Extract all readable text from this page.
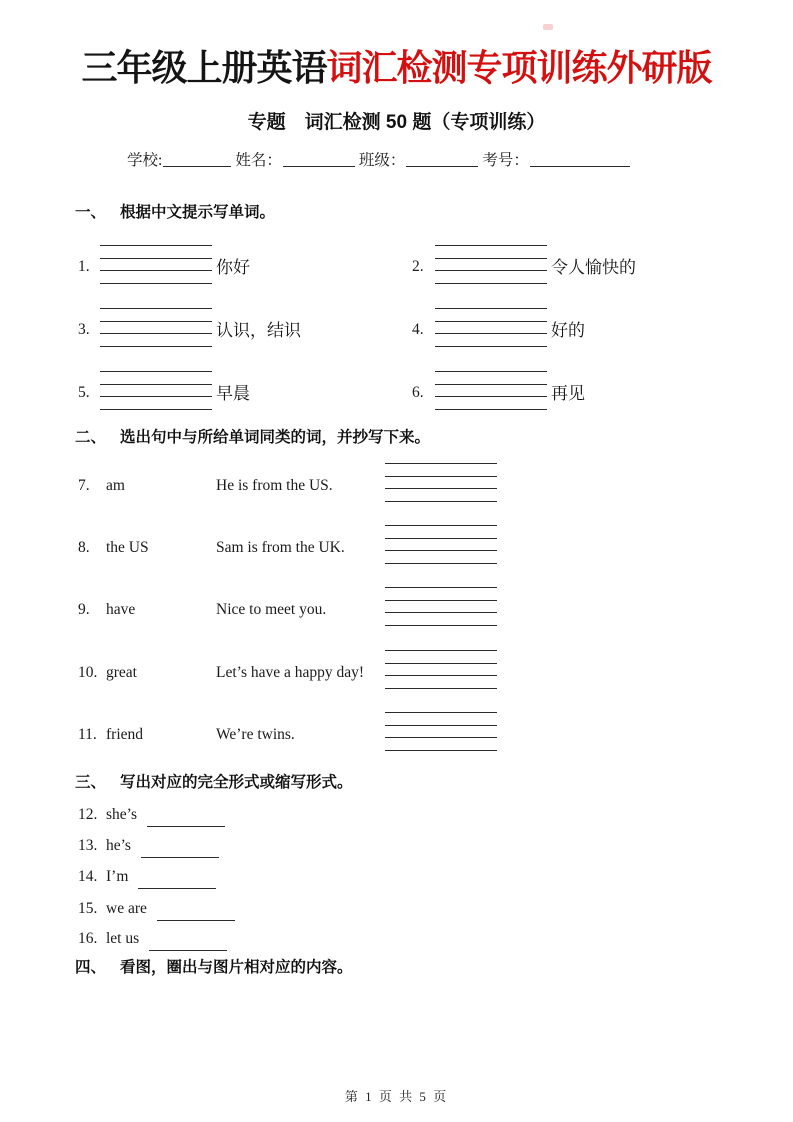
三年级上册英语词汇检测专项训练外研版
专题　词汇检测 50 题（专项训练）
学校:	姓名：	班级：	考号：
一、 根据中文提示写单词。
1.	你好	2.	令人愉快的
3.	认识，结识	4.	好的
5.	早晨	6.	再见
二、 选出句中与所给单词同类的词，并抄写下来。
7.	am	He is from the US.
8.	the US	Sam is from the UK.
9.	have	Nice to meet you.
10. great	Let’s have a happy day!
11. friend	We’re twins.
三、 写出对应的完全形式或缩写形式。
12. she’s
13. he’s
14. I’m
15. we are
16. let us
四、 看图，圈出与图片相对应的内容。
第 1 页 共 5 页
